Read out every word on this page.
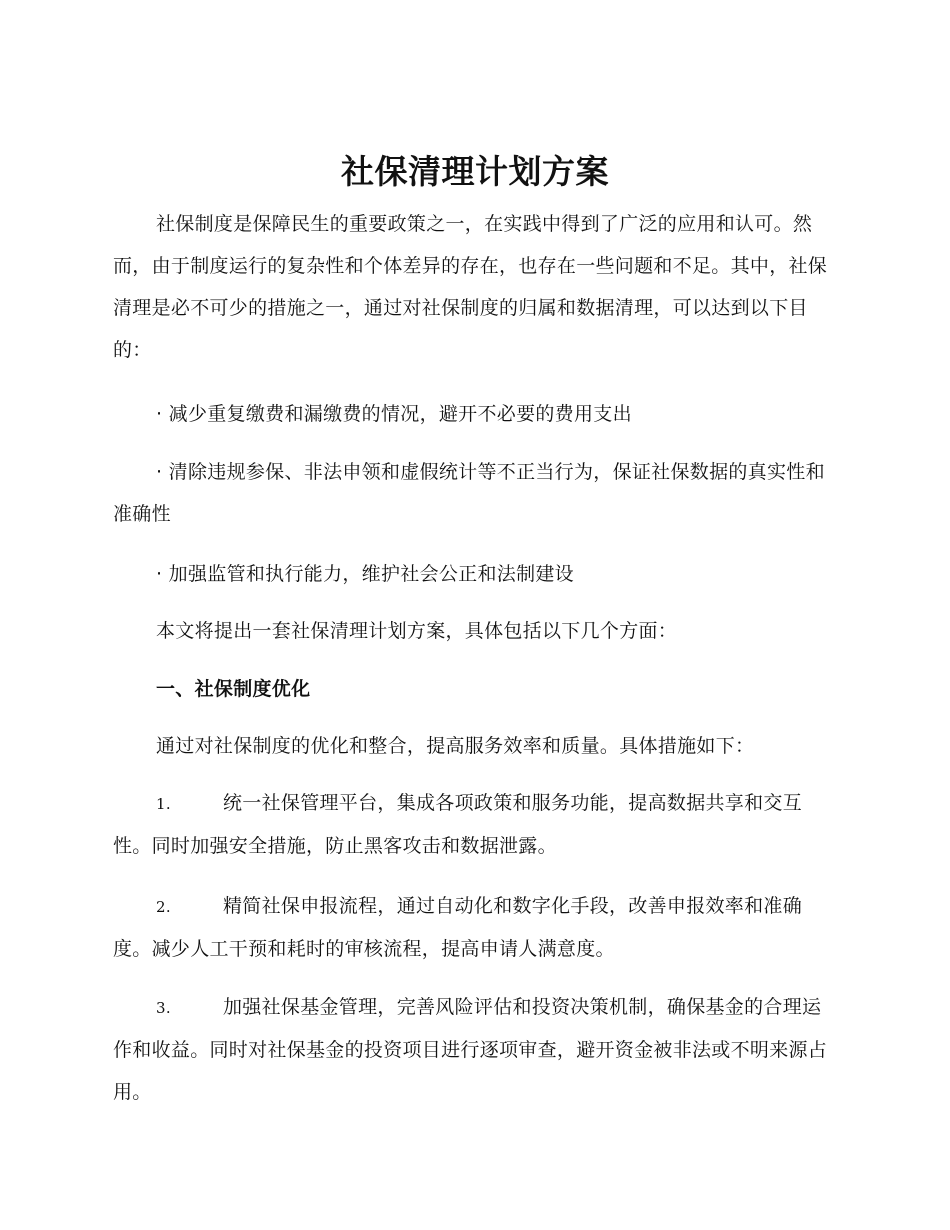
社保清理计划方案

社保制度是保障民生的重要政策之一，在实践中得到了广泛的应用和认可。然而，由于制度运行的复杂性和个体差异的存在，也存在一些问题和不足。其中，社保清理是必不可少的措施之一，通过对社保制度的归属和数据清理，可以达到以下目的：

· 减少重复缴费和漏缴费的情况，避开不必要的费用支出

· 清除违规参保、非法申领和虚假统计等不正当行为，保证社保数据的真实性和准确性

· 加强监管和执行能力，维护社会公正和法制建设

本文将提出一套社保清理计划方案，具体包括以下几个方面：

一、社保制度优化

通过对社保制度的优化和整合，提高服务效率和质量。具体措施如下：

1.	统一社保管理平台，集成各项政策和服务功能，提高数据共享和交互性。同时加强安全措施，防止黑客攻击和数据泄露。

2.	精简社保申报流程，通过自动化和数字化手段，改善申报效率和准确度。减少人工干预和耗时的审核流程，提高申请人满意度。

3.	加强社保基金管理，完善风险评估和投资决策机制，确保基金的合理运作和收益。同时对社保基金的投资项目进行逐项审查，避开资金被非法或不明来源占用。
